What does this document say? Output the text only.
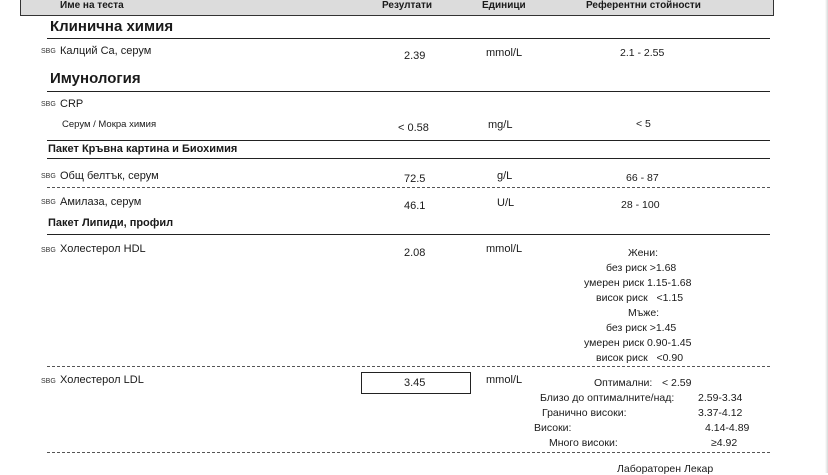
Име на теста	Резултати	Единици	Референтни стойности
Клинична химия
SBG Калций Ca, серум	2.39	mmol/L	2.1 - 2.55
Имунология
SBG CRP
Серум / Мокра химия	< 0.58	mg/L	< 5
Пакет Кръвна картина и Биохимия
SBG Общ белтък, серум	72.5	g/L	66 - 87
SBG Амилаза, серум	46.1	U/L	28 - 100
Пакет Липиди, профил
SBG Холестерол HDL	2.08	mmol/L	Жени:
без риск >1.68
умерен риск 1.15-1.68
висок риск   <1.15
Мъже:
без риск >1.45
умерен риск 0.90-1.45
висок риск   <0.90
SBG Холестерол LDL	3.45	mmol/L	Оптимални: < 2.59
Близо до оптималните/над: 2.59-3.34
Гранично високи:	3.37-4.12
Високи:	4.14-4.89
Много високи:	≥4.92
Лабораторен Лекар
